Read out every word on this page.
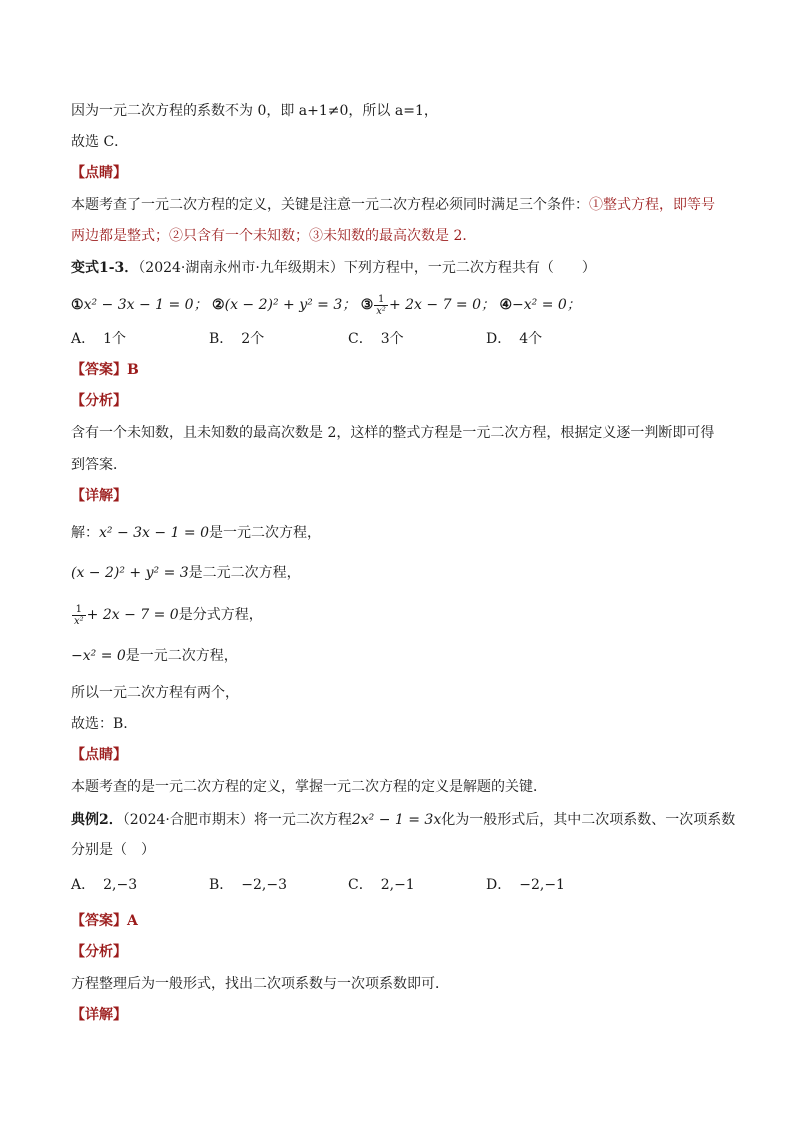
因为一元二次方程的系数不为 0，即 a+1≠0，所以 a=1，
故选 C．
【点睛】
本题考查了一元二次方程的定义，关键是注意一元二次方程必须同时满足三个条件：①整式方程，即等号
两边都是整式；②只含有一个未知数；③未知数的最高次数是 2．
变式1-3．（2024·湖南永州市·九年级期末）下列方程中，一元二次方程共有（　　）
①x² − 3x − 1 = 0； ②(x − 2)² + y² = 3； ③ $\frac{1}{\text{x²}} + 2x - 7 = 0$； ④−x² = 0；
A． 1个	B． 2个	C． 3个	D． 4个
【答案】B
【分析】
含有一个未知数，且未知数的最高次数是 2，这样的整式方程是一元二次方程，根据定义逐一判断即可得
到答案．
【详解】
解：x² − 3x − 1 = 0是一元二次方程，
(x − 2)² + y² = 3是二元二次方程，
$\frac{1}{\text{x²}} + 2x - 7 = 0$是分式方程，
−x² = 0是一元二次方程，
所以一元二次方程有两个，
故选：B.
【点睛】
本题考查的是一元二次方程的定义，掌握一元二次方程的定义是解题的关键．
典例2．（2024·合肥市期末）将一元二次方程2x² − 1 = 3x化为一般形式后，其中二次项系数、一次项系数
分别是（　）
A． 2,−3	B． −2,−3	C． 2,−1	D． −2,−1
【答案】A
【分析】
方程整理后为一般形式，找出二次项系数与一次项系数即可．
【详解】
